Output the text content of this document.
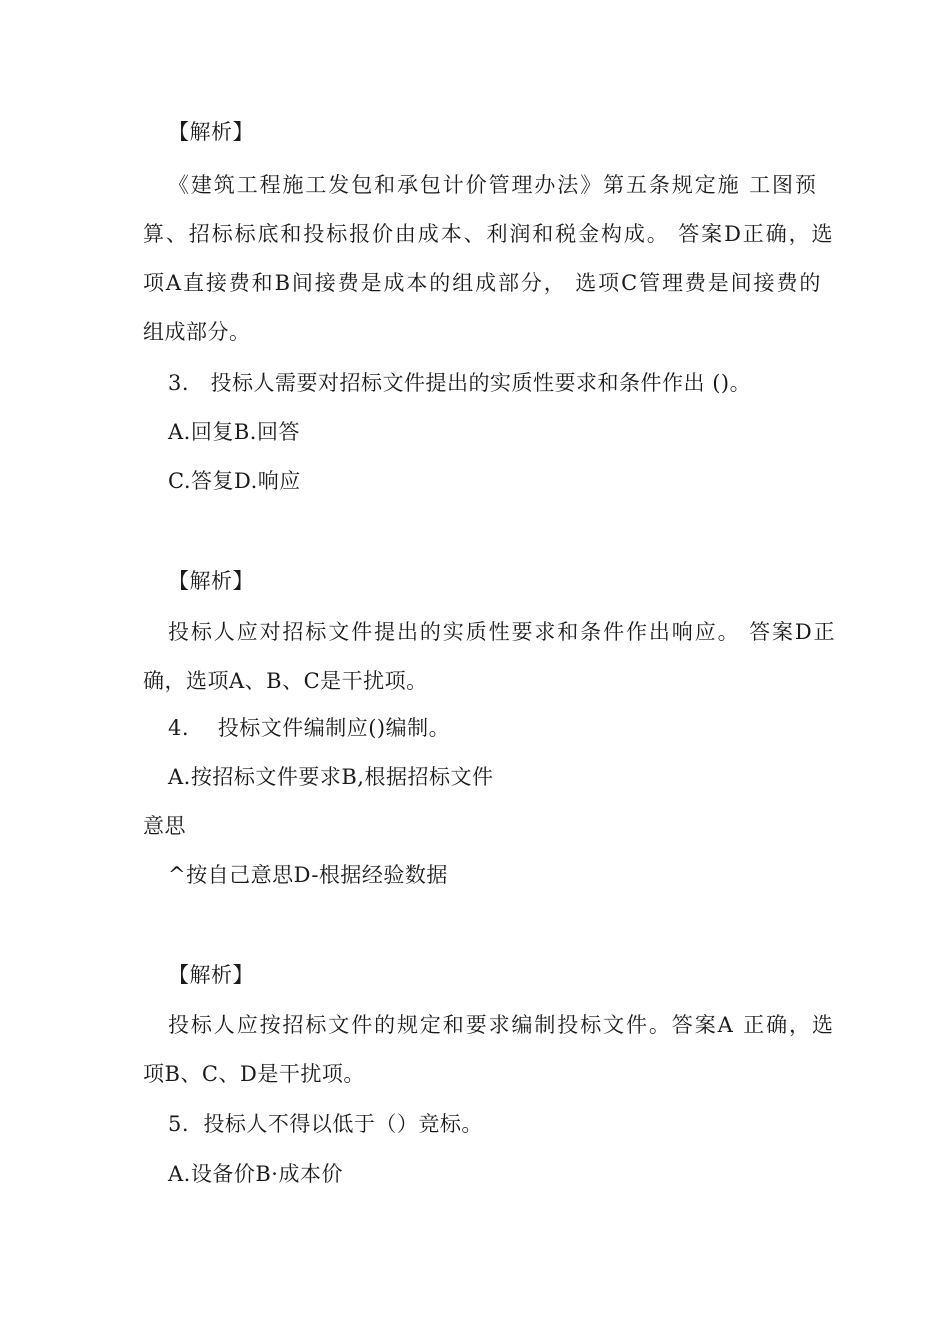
【解析】
《建筑工程施工发包和承包计价管理办法》第五条规定施 工图预
算、招标标底和投标报价由成本、利润和税金构成。 答案D正确，选
项A直接费和B间接费是成本的组成部分， 选项C管理费是间接费的
组成部分。
3.   投标人需要对招标文件提出的实质性要求和条件作出 ()。
A.回复B.回答
C.答复D.响应
【解析】
投标人应对招标文件提出的实质性要求和条件作出响应。 答案D正
确，选项A、B、C是干扰项。
4.    投标文件编制应()编制。
A.按招标文件要求B,根据招标文件
意思
^按自己意思D-根据经验数据
【解析】
投标人应按招标文件的规定和要求编制投标文件。答案A 正确，选
项B、C、D是干扰项。
5.  投标人不得以低于（）竞标。
A.设备价B·成本价
